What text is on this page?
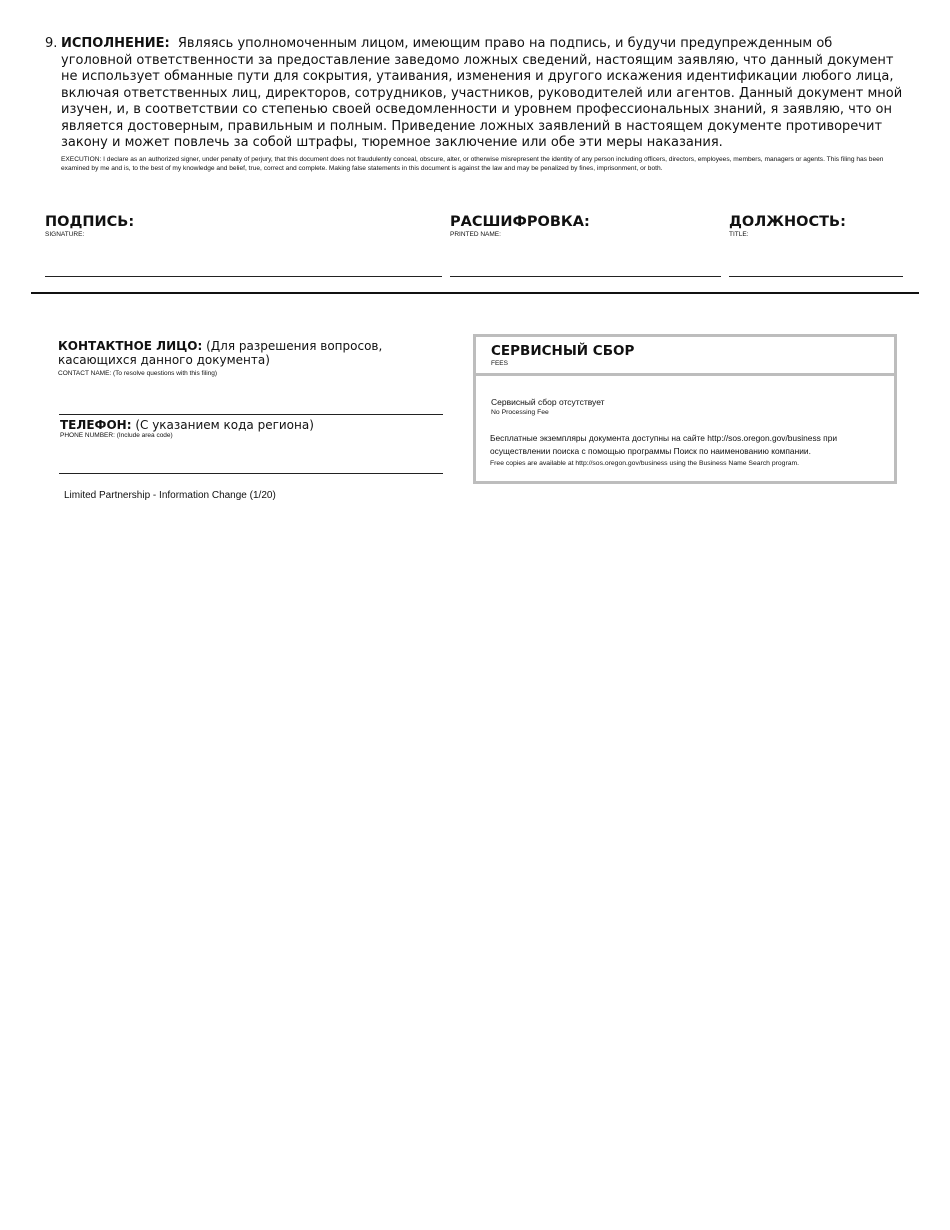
9. ИСПОЛНЕНИЕ: Являясь уполномоченным лицом, имеющим право на подпись, и будучи предупрежденным об уголовной ответственности за предоставление заведомо ложных сведений, настоящим заявляю, что данный документ не использует обманные пути для сокрытия, утаивания, изменения и другого искажения идентификации любого лица, включая ответственных лиц, директоров, сотрудников, участников, руководителей или агентов. Данный документ мной изучен, и, в соответствии со степенью своей осведомленности и уровнем профессиональных знаний, я заявляю, что он является достоверным, правильным и полным. Приведение ложных заявлений в настоящем документе противоречит закону и может повлечь за собой штрафы, тюремное заключение или обе эти меры наказания.
EXECUTION: I declare as an authorized signer, under penalty of perjury, that this document does not fraudulently conceal, obscure, alter, or otherwise misrepresent the identity of any person including officers, directors, employees, members, managers or agents. This filing has been examined by me and is, to the best of my knowledge and belief, true, correct and complete. Making false statements in this document is against the law and may be penalized by fines, imprisonment, or both.
ПОДПИСЬ:
SIGNATURE:
РАСШИФРОВКА:
PRINTED NAME:
ДОЛЖНОСТЬ:
TITLE:
КОНТАКТНОЕ ЛИЦО: (Для разрешения вопросов, касающихся данного документа)
CONTACT NAME: (To resolve questions with this filing)
ТЕЛЕФОН: (С указанием кода региона)
PHONE NUMBER: (Include area code)
Limited Partnership - Information Change (1/20)
СЕРВИСНЫЙ СБОР
FEES
Сервисный сбор отсутствует
No Processing Fee
Бесплатные экземпляры документа доступны на сайте http://sos.oregon.gov/business при осуществлении поиска с помощью программы Поиск по наименованию компании.
Free copies are available at http://sos.oregon.gov/business using the Business Name Search program.
